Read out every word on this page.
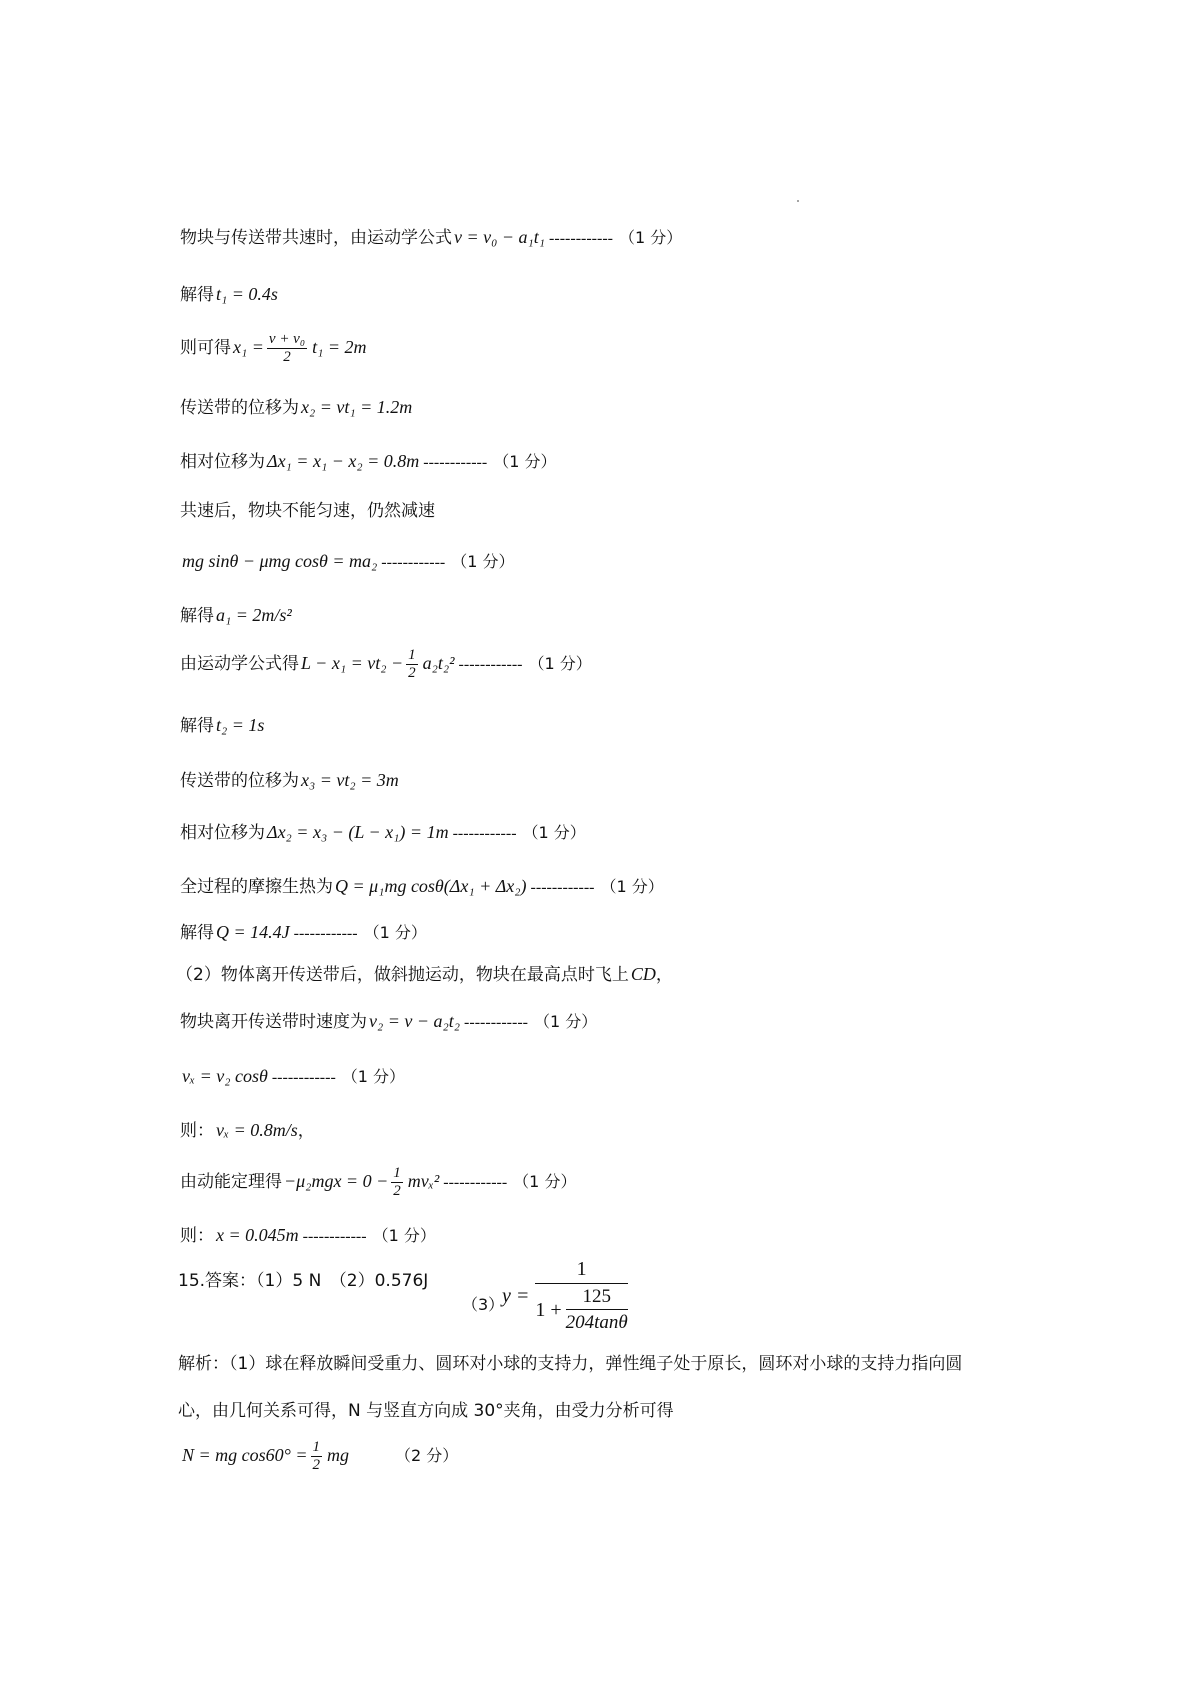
物块与传送带共速时，由运动学公式 v = v₀ − a₁t₁ ------------ （1 分）
解得 t₁ = 0.4s
则可得 $x_1 = \frac{\text{v + v₀}}{2} t_1 = 2m$
传送带的位移为 x₂ = vt₁ = 1.2m
相对位移为 Δx₁ = x₁ − x₂ = 0.8m ------------ （1 分）
共速后，物块不能匀速，仍然减速
mg sinθ − μmg cosθ = ma₂ ------------ （1 分）
解得 a₁ = 2m/s²
由运动学公式得 $L - x_1 = vt_2 - \frac{1}{2} a_2t_2^2$ ------------ （1 分）
解得 t₂ = 1s
传送带的位移为 x₃ = vt₂ = 3m
相对位移为 Δx₂ = x₃ − (L − x₁) = 1m ------------ （1 分）
全过程的摩擦生热为 Q = μ₁mg cosθ(Δx₁ + Δx₂) ------------ （1 分）
解得 Q = 14.4J ------------ （1 分）
（2）物体离开传送带后，做斜抛运动，物块在最高点时飞上 CD，
物块离开传送带时速度为 v₂ = v − a₂t₂ ------------ （1 分）
vₓ = v₂ cosθ ------------ （1 分）
则： vₓ = 0.8m/s，
由动能定理得 $-\mu_2mgx = 0 - \frac{1}{2} mv_x^2$ ------------ （1 分）
则： x = 0.045m ------------ （1 分）
15.答案：（1）5 N　（2）0.576J
（3）
$y = \frac{1}{1 + \frac{125}{204\tan\theta}}$
解析：（1）球在释放瞬间受重力、圆环对小球的支持力，弹性绳子处于原长，圆环对小球的支持力指向圆
心，由几何关系可得，N 与竖直方向成 30°夹角，由受力分析可得
N = mg $\cos 60^\circ = \frac{1}{2}$ mg	（2 分）
